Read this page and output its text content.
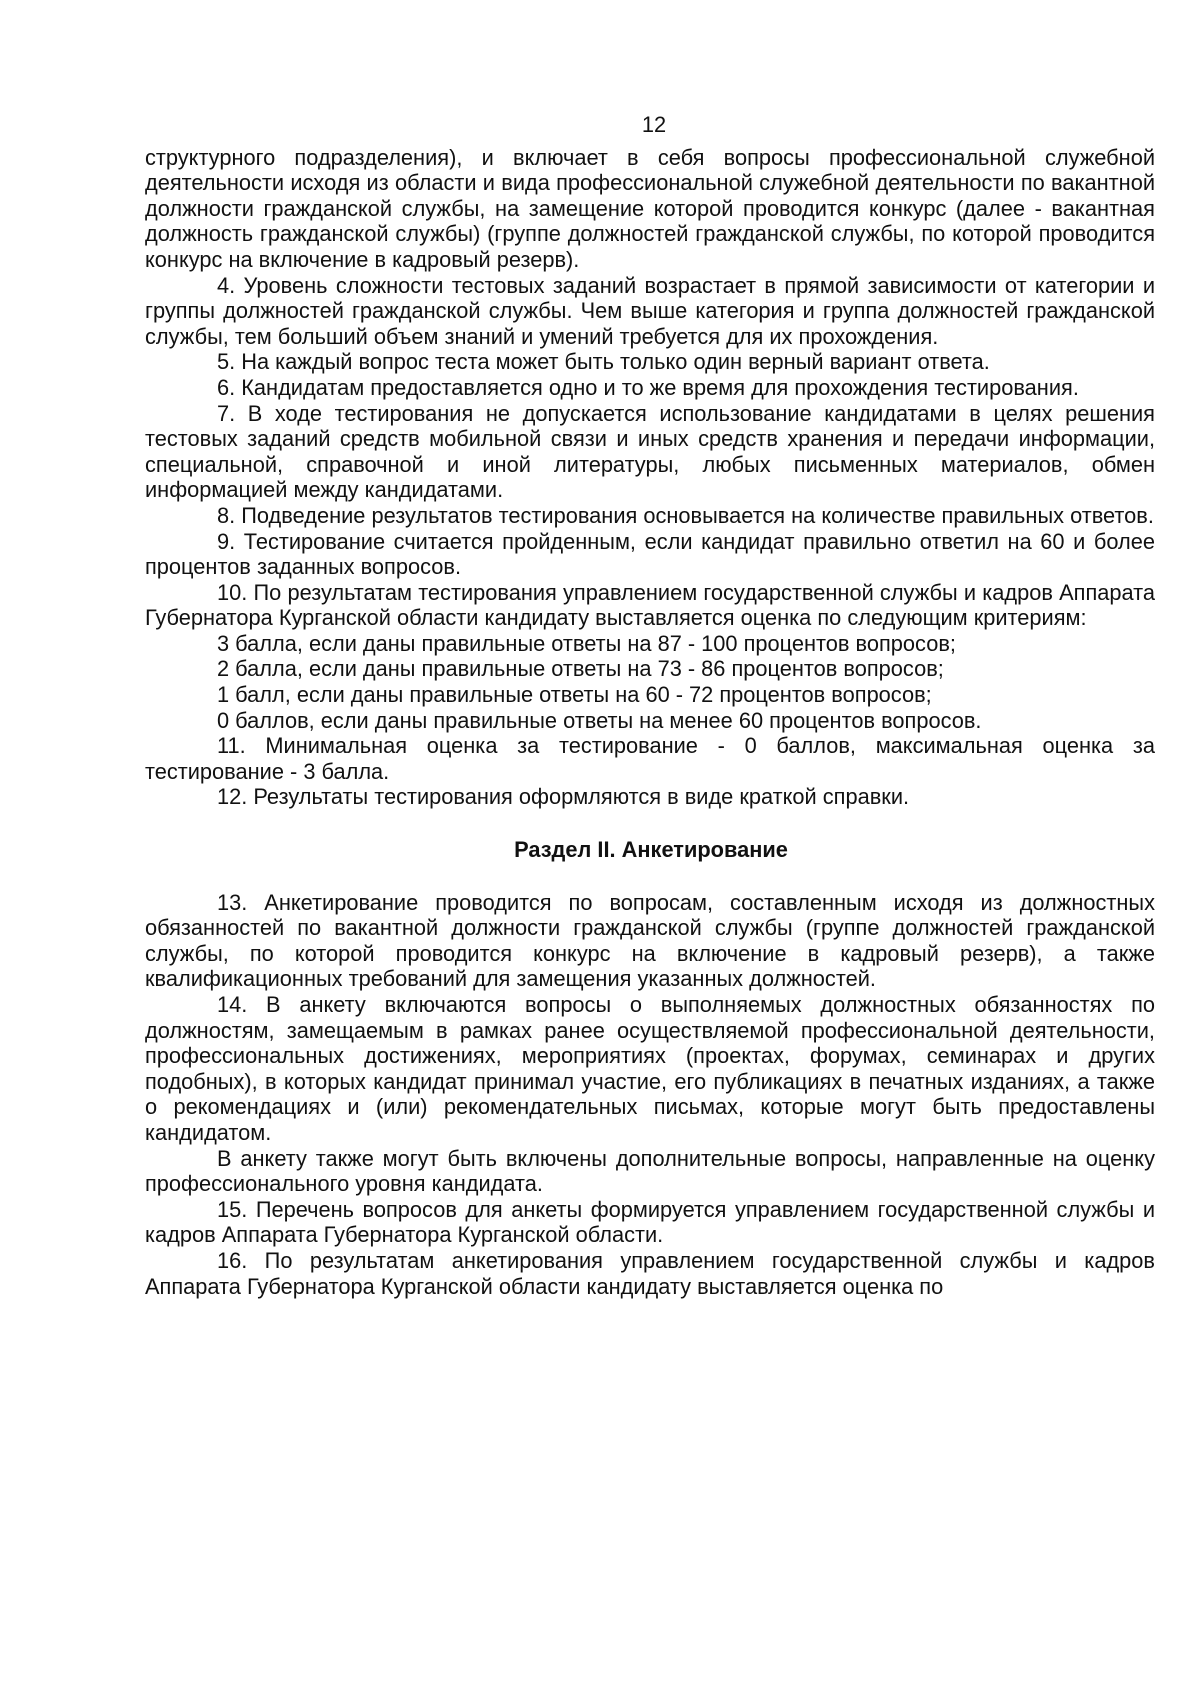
12

структурного подразделения), и включает в себя вопросы профессиональной служебной деятельности исходя из области и вида профессиональной служебной деятельности по вакантной должности гражданской службы, на замещение которой проводится конкурс (далее - вакантная должность гражданской службы) (группе должностей гражданской службы, по которой проводится конкурс на включение в кадровый резерв).

4. Уровень сложности тестовых заданий возрастает в прямой зависимости от категории и группы должностей гражданской службы. Чем выше категория и группа должностей гражданской службы, тем больший объем знаний и умений требуется для их прохождения.

5. На каждый вопрос теста может быть только один верный вариант ответа.

6. Кандидатам предоставляется одно и то же время для прохождения тестирования.

7. В ходе тестирования не допускается использование кандидатами в целях решения тестовых заданий средств мобильной связи и иных средств хранения и передачи информации, специальной, справочной и иной литературы, любых письменных материалов, обмен информацией между кандидатами.

8. Подведение результатов тестирования основывается на количестве правильных ответов.

9. Тестирование считается пройденным, если кандидат правильно ответил на 60 и более процентов заданных вопросов.

10. По результатам тестирования управлением государственной службы и кадров Аппарата Губернатора Курганской области кандидату выставляется оценка по следующим критериям:

3 балла, если даны правильные ответы на 87 - 100 процентов вопросов;

2 балла, если даны правильные ответы на 73 - 86 процентов вопросов;

1 балл, если даны правильные ответы на 60 - 72 процентов вопросов;

0 баллов, если даны правильные ответы на менее 60 процентов вопросов.

11. Минимальная оценка за тестирование - 0 баллов, максимальная оценка за тестирование - 3 балла.

12. Результаты тестирования оформляются в виде краткой справки.

Раздел II. Анкетирование

13. Анкетирование проводится по вопросам, составленным исходя из должностных обязанностей по вакантной должности гражданской службы (группе должностей гражданской службы, по которой проводится конкурс на включение в кадровый резерв), а также квалификационных требований для замещения указанных должностей.

14. В анкету включаются вопросы о выполняемых должностных обязанностях по должностям, замещаемым в рамках ранее осуществляемой профессиональной деятельности, профессиональных достижениях, мероприятиях (проектах, форумах, семинарах и других подобных), в которых кандидат принимал участие, его публикациях в печатных изданиях, а также о рекомендациях и (или) рекомендательных письмах, которые могут быть предоставлены кандидатом.

В анкету также могут быть включены дополнительные вопросы, направленные на оценку профессионального уровня кандидата.

15. Перечень вопросов для анкеты формируется управлением государственной службы и кадров Аппарата Губернатора Курганской области.

16. По результатам анкетирования управлением государственной службы и кадров Аппарата Губернатора Курганской области кандидату выставляется оценка по
